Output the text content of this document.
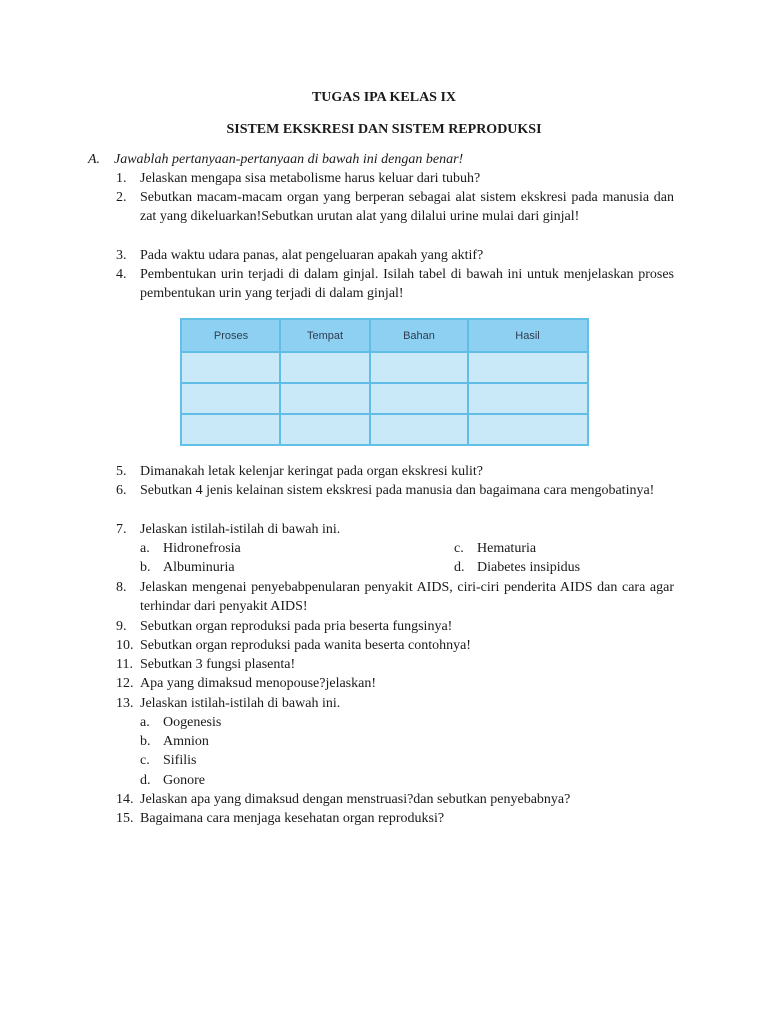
TUGAS IPA KELAS IX
SISTEM EKSKRESI DAN SISTEM REPRODUKSI
A. Jawablah pertanyaan-pertanyaan di bawah ini dengan benar!
1. Jelaskan mengapa sisa metabolisme harus keluar dari tubuh?
2. Sebutkan macam-macam organ yang berperan sebagai alat sistem ekskresi pada manusia dan zat yang dikeluarkan!Sebutkan urutan alat yang dilalui urine mulai dari ginjal!
3. Pada waktu udara panas, alat pengeluaran apakah yang aktif?
4. Pembentukan urin terjadi di dalam ginjal. Isilah tabel di bawah ini untuk menjelaskan proses pembentukan urin yang terjadi di dalam ginjal!
Proses	Tempat	Bahan	Hasil
5. Dimanakah letak kelenjar keringat pada organ ekskresi kulit?
6. Sebutkan 4 jenis kelainan sistem ekskresi pada manusia dan bagaimana cara mengobatinya!
7. Jelaskan istilah-istilah di bawah ini.
a. Hidronefrosia	c. Hematuria
b. Albuminuria	d. Diabetes insipidus
8. Jelaskan mengenai penyebabpenularan penyakit AIDS, ciri-ciri penderita AIDS dan cara agar terhindar dari penyakit AIDS!
9. Sebutkan organ reproduksi pada pria beserta fungsinya!
10. Sebutkan organ reproduksi pada wanita beserta contohnya!
11. Sebutkan 3 fungsi plasenta!
12. Apa yang dimaksud menopouse?jelaskan!
13. Jelaskan istilah-istilah di bawah ini.
a. Oogenesis
b. Amnion
c. Sifilis
d. Gonore
14. Jelaskan apa yang dimaksud dengan menstruasi?dan sebutkan penyebabnya?
15. Bagaimana cara menjaga kesehatan organ reproduksi?
